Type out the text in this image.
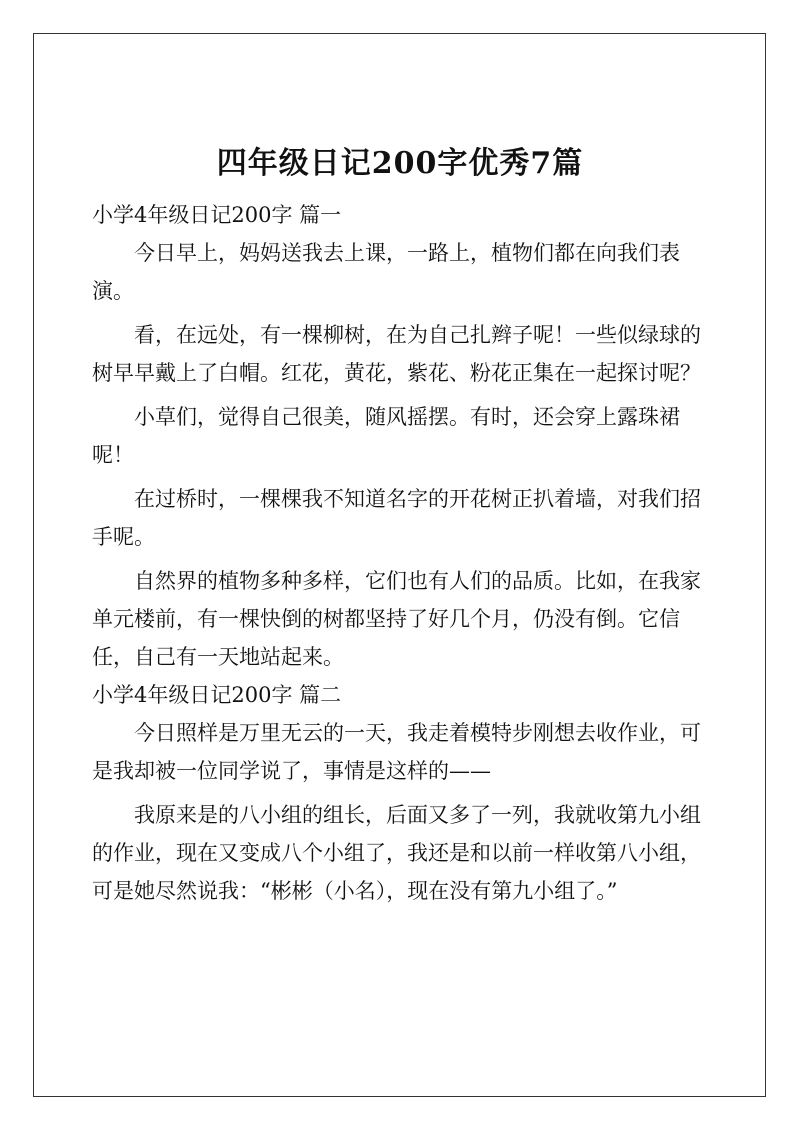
四年级日记200字优秀7篇

小学4年级日记200字 篇一

今日早上，妈妈送我去上课，一路上，植物们都在向我们表演。

看，在远处，有一棵柳树，在为自己扎辫子呢！一些似绿球的树早早戴上了白帽。红花，黄花，紫花、粉花正集在一起探讨呢？

小草们，觉得自己很美，随风摇摆。有时，还会穿上露珠裙呢！

在过桥时，一棵棵我不知道名字的开花树正扒着墙，对我们招手呢。

自然界的植物多种多样，它们也有人们的品质。比如，在我家单元楼前，有一棵快倒的树都坚持了好几个月，仍没有倒。它信任，自己有一天地站起来。

小学4年级日记200字 篇二

今日照样是万里无云的一天，我走着模特步刚想去收作业，可是我却被一位同学说了，事情是这样的——

我原来是的八小组的组长，后面又多了一列，我就收第九小组的作业，现在又变成八个小组了，我还是和以前一样收第八小组，可是她尽然说我：“彬彬（小名），现在没有第九小组了。”
